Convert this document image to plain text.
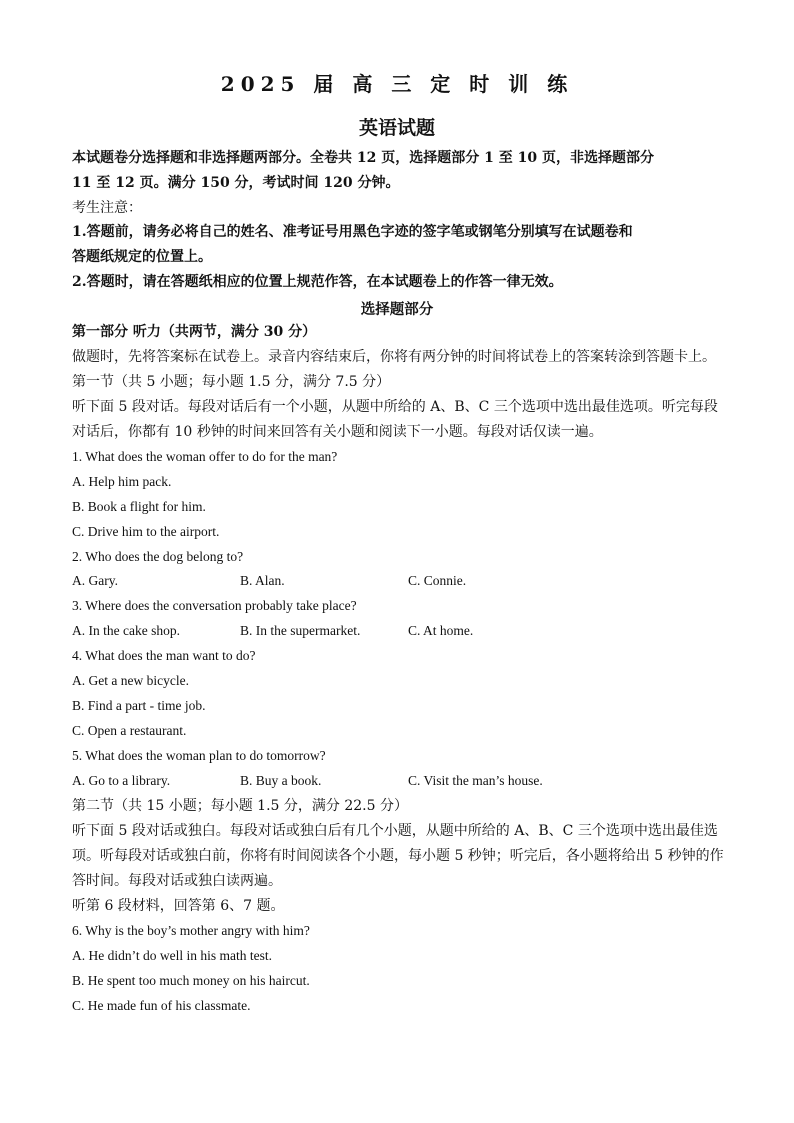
2025 届 高 三 定 时 训 练
英语试题
本试题卷分选择题和非选择题两部分。全卷共 12 页，选择题部分 1 至 10 页，非选择题部分
11 至 12 页。满分 150 分，考试时间 120 分钟。
考生注意：
1.答题前，请务必将自己的姓名、准考证号用黑色字迹的签字笔或钢笔分别填写在试题卷和
答题纸规定的位置上。
2.答题时，请在答题纸相应的位置上规范作答，在本试题卷上的作答一律无效。
选择题部分
第一部分 听力（共两节，满分 30 分）
做题时，先将答案标在试卷上。录音内容结束后，你将有两分钟的时间将试卷上的答案转涂到答题卡上。
第一节（共 5 小题；每小题 1.5 分，满分 7.5 分）
听下面 5 段对话。每段对话后有一个小题，从题中所给的 A、B、C 三个选项中选出最佳选项。听完每段
对话后，你都有 10 秒钟的时间来回答有关小题和阅读下一小题。每段对话仅读一遍。
1. What does the woman offer to do for the man?
A. Help him pack.
B. Book a flight for him.
C. Drive him to the airport.
2. Who does the dog belong to?
A. Gary.	B. Alan.	C. Connie.
3. Where does the conversation probably take place?
A. In the cake shop.	B. In the supermarket.	C. At home.
4. What does the man want to do?
A. Get a new bicycle.
B. Find a part - time job.
C. Open a restaurant.
5. What does the woman plan to do tomorrow?
A. Go to a library.	B. Buy a book.	C. Visit the man’s house.
第二节（共 15 小题；每小题 1.5 分，满分 22.5 分）
听下面 5 段对话或独白。每段对话或独白后有几个小题，从题中所给的 A、B、C 三个选项中选出最佳选
项。听每段对话或独白前，你将有时间阅读各个小题，每小题 5 秒钟；听完后，各小题将给出 5 秒钟的作
答时间。每段对话或独白读两遍。
听第 6 段材料，回答第 6、7 题。
6. Why is the boy’s mother angry with him?
A. He didn’t do well in his math test.
B. He spent too much money on his haircut.
C. He made fun of his classmate.
